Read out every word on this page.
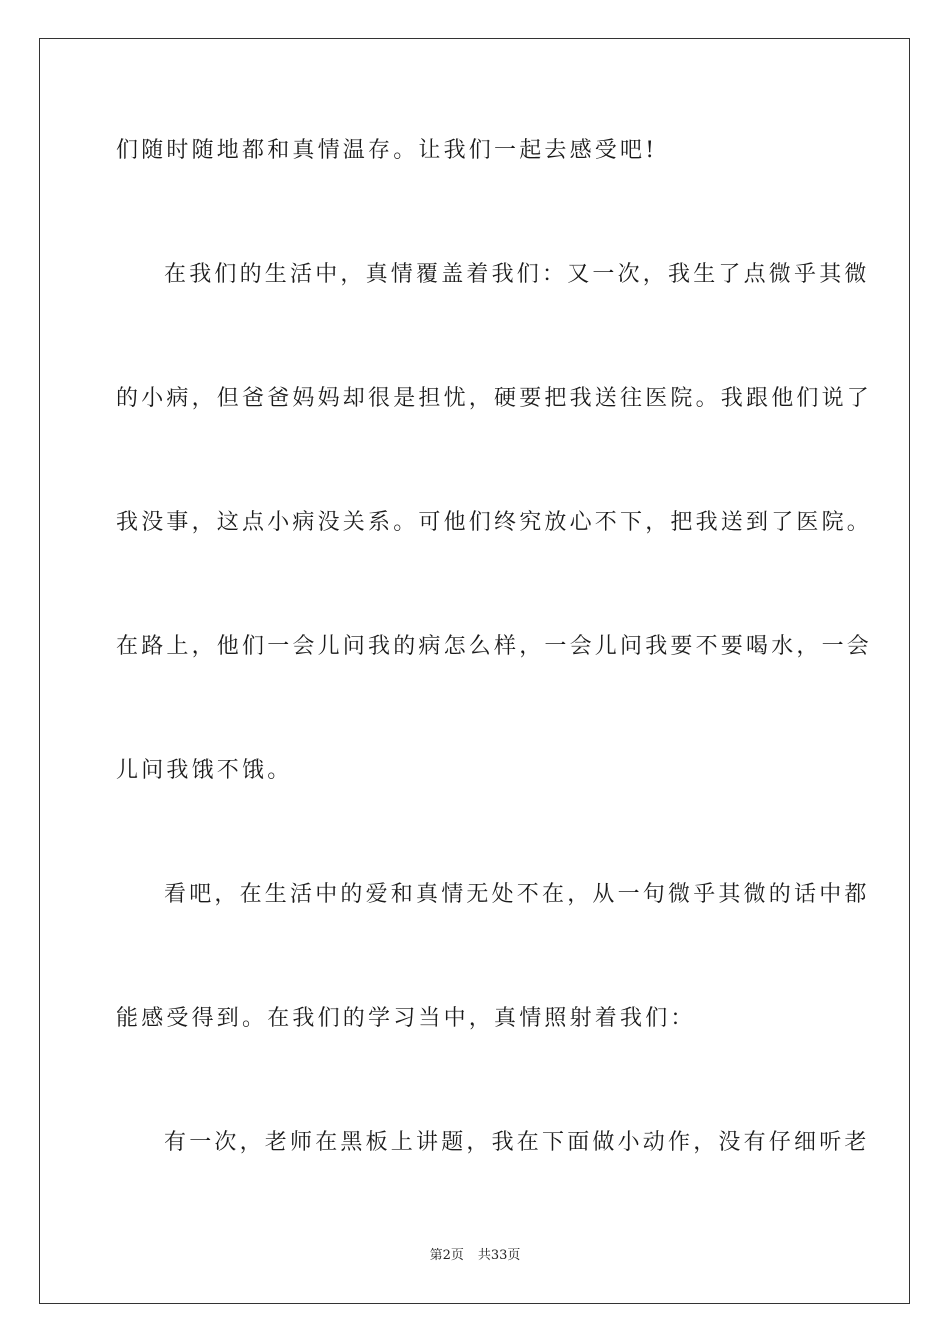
们随时随地都和真情温存。让我们一起去感受吧!
在我们的生活中，真情覆盖着我们：又一次，我生了点微乎其微
的小病，但爸爸妈妈却很是担忧，硬要把我送往医院。我跟他们说了
我没事，这点小病没关系。可他们终究放心不下，把我送到了医院。
在路上，他们一会儿问我的病怎么样，一会儿问我要不要喝水，一会
儿问我饿不饿。
看吧，在生活中的爱和真情无处不在，从一句微乎其微的话中都
能感受得到。在我们的学习当中，真情照射着我们：
有一次，老师在黑板上讲题，我在下面做小动作，没有仔细听老
第2页 共33页
